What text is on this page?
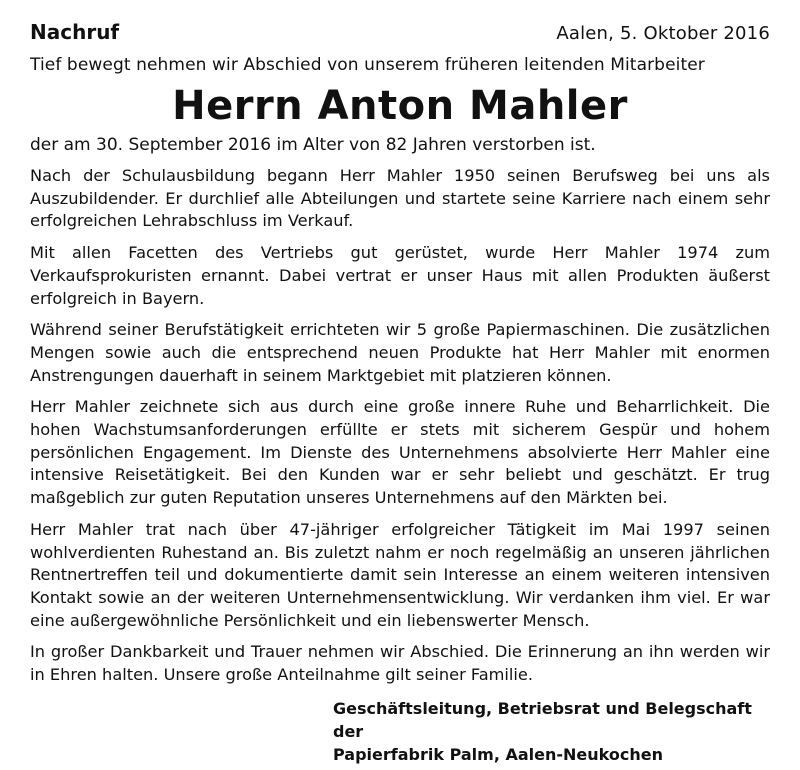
Nachruf	Aalen, 5. Oktober 2016
Tief bewegt nehmen wir Abschied von unserem früheren leitenden Mitarbeiter
Herrn Anton Mahler
der am 30. September 2016 im Alter von 82 Jahren verstorben ist.

Nach der Schulausbildung begann Herr Mahler 1950 seinen Berufsweg bei uns als Auszubildender. Er durchlief alle Abteilungen und startete seine Karriere nach einem sehr erfolgreichen Lehrabschluss im Verkauf.

Mit allen Facetten des Vertriebs gut gerüstet, wurde Herr Mahler 1974 zum Verkaufsprokuristen ernannt. Dabei vertrat er unser Haus mit allen Produkten äußerst erfolgreich in Bayern.

Während seiner Berufstätigkeit errichteten wir 5 große Papiermaschinen. Die zusätzlichen Mengen sowie auch die entsprechend neuen Produkte hat Herr Mahler mit enormen Anstrengungen dauerhaft in seinem Marktgebiet mit platzieren können.

Herr Mahler zeichnete sich aus durch eine große innere Ruhe und Beharrlichkeit. Die hohen Wachstumsanforderungen erfüllte er stets mit sicherem Gespür und hohem persönlichen Engagement. Im Dienste des Unternehmens absolvierte Herr Mahler eine intensive Reisetätigkeit. Bei den Kunden war er sehr beliebt und geschätzt. Er trug maßgeblich zur guten Reputation unseres Unternehmens auf den Märkten bei.

Herr Mahler trat nach über 47-jähriger erfolgreicher Tätigkeit im Mai 1997 seinen wohlverdienten Ruhestand an. Bis zuletzt nahm er noch regelmäßig an unseren jährlichen Rentnertreffen teil und dokumentierte damit sein Interesse an einem weiteren intensiven Kontakt sowie an der weiteren Unternehmensentwicklung. Wir verdanken ihm viel. Er war eine außergewöhnliche Persönlichkeit und ein liebenswerter Mensch.

In großer Dankbarkeit und Trauer nehmen wir Abschied. Die Erinnerung an ihn werden wir in Ehren halten. Unsere große Anteilnahme gilt seiner Familie.

Geschäftsleitung, Betriebsrat und Belegschaft der
Papierfabrik Palm, Aalen-Neukochen
